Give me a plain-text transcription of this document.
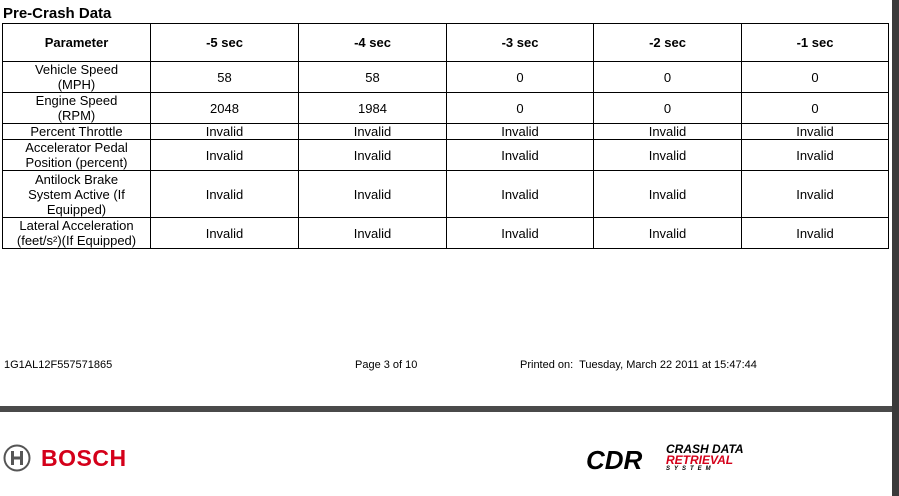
Pre-Crash Data
Parameter	-5 sec	-4 sec	-3 sec	-2 sec	-1 sec
Vehicle Speed
(MPH)	58	58	0	0	0
Engine Speed
(RPM)	2048	1984	0	0	0
Percent Throttle	Invalid	Invalid	Invalid	Invalid	Invalid
Accelerator Pedal
Position (percent)	Invalid	Invalid	Invalid	Invalid	Invalid
Antilock Brake
System Active (If
Equipped)	Invalid	Invalid	Invalid	Invalid	Invalid
Lateral Acceleration
(feet/s²)(If Equipped)	Invalid	Invalid	Invalid	Invalid	Invalid
1G1AL12F557571865	Page 3 of 10	Printed on: Tuesday, March 22 2011 at 15:47:44
BOSCH	CDR CRASH DATA
RETRIEVAL
SYSTEM
